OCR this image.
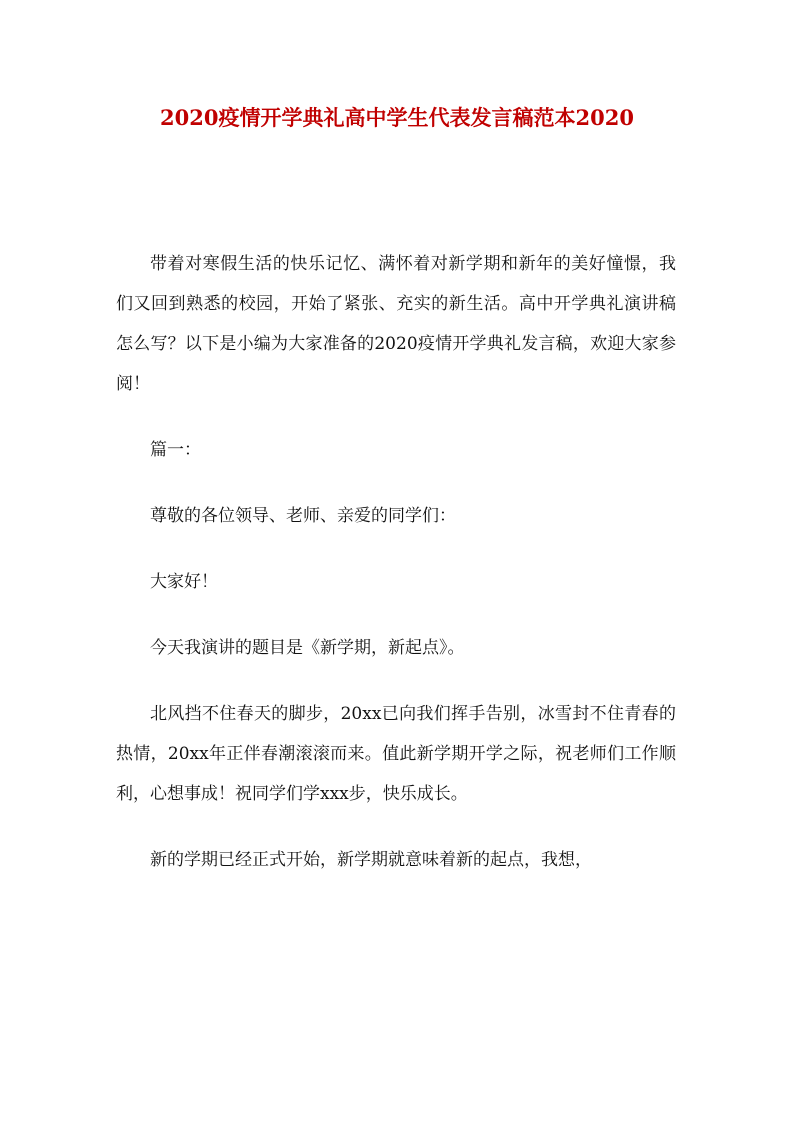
2020疫情开学典礼高中学生代表发言稿范本2020

带着对寒假生活的快乐记忆、满怀着对新学期和新年的美好憧憬，我们又回到熟悉的校园，开始了紧张、充实的新生活。高中开学典礼演讲稿怎么写？以下是小编为大家准备的2020疫情开学典礼发言稿，欢迎大家参阅！

篇一：

尊敬的各位领导、老师、亲爱的同学们：

大家好！

今天我演讲的题目是《新学期，新起点》。

北风挡不住春天的脚步，20xx已向我们挥手告别，冰雪封不住青春的热情，20xx年正伴春潮滚滚而来。值此新学期开学之际，祝老师们工作顺利，心想事成！祝同学们学xxx步，快乐成长。

新的学期已经正式开始，新学期就意味着新的起点，我想，
